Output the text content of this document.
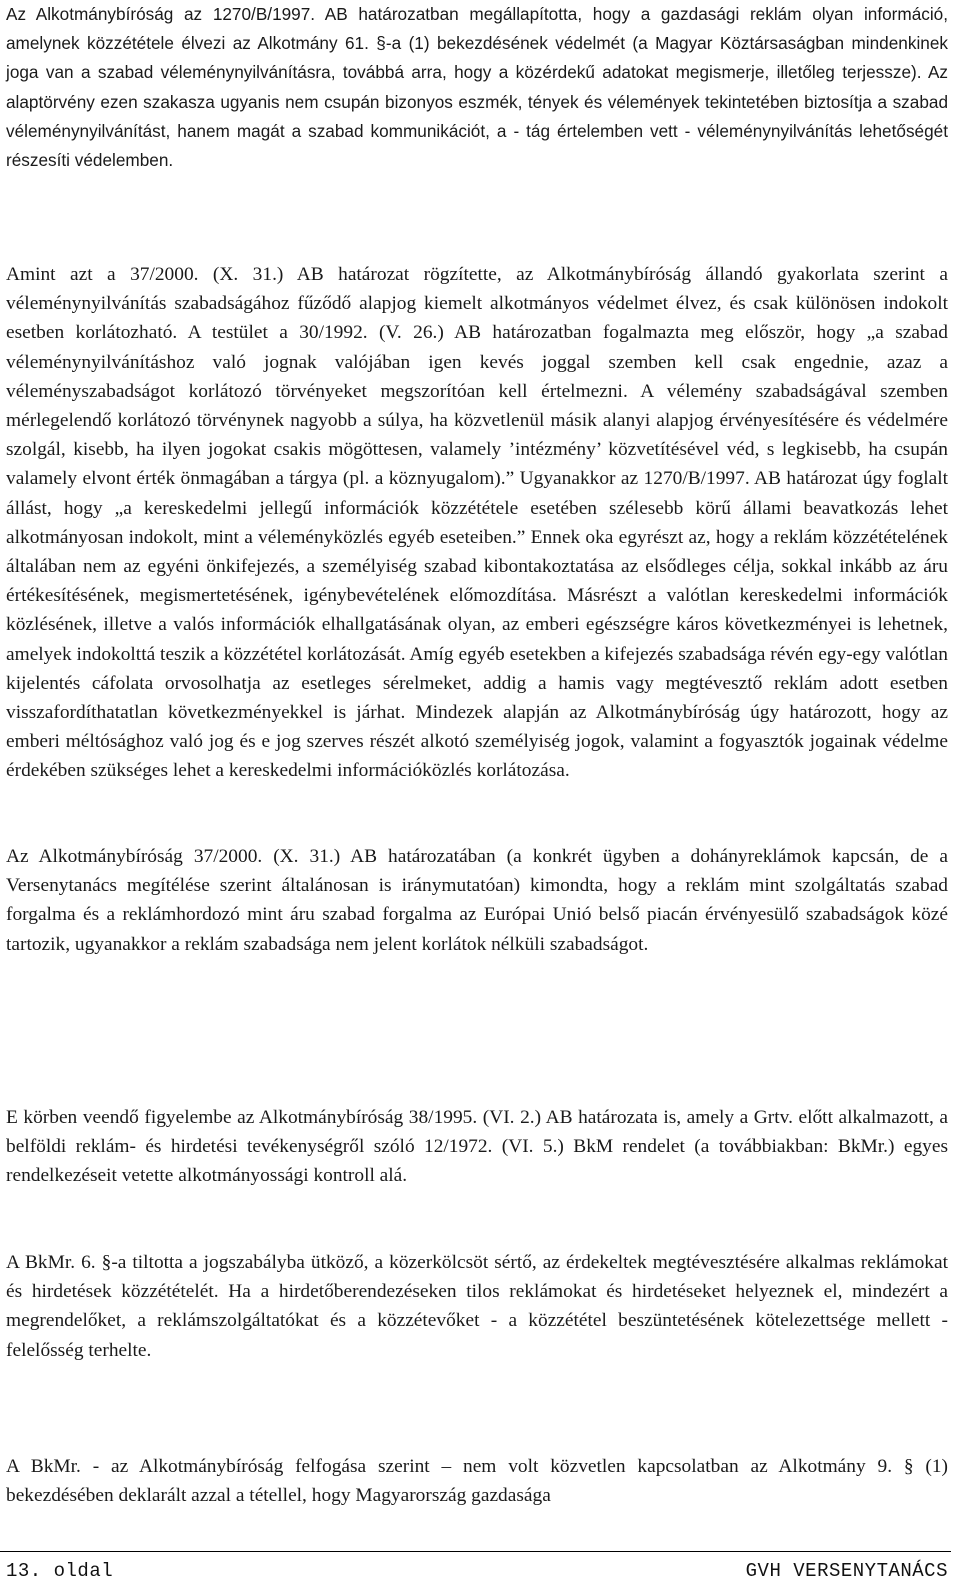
Az Alkotmánybíróság az 1270/B/1997. AB határozatban megállapította, hogy a gazdasági reklám olyan információ, amelynek közzététele élvezi az Alkotmány 61. §-a (1) bekezdésének védelmét (a Magyar Köztársaságban mindenkinek joga van a szabad véleménynyilvánításra, továbbá arra, hogy a közérdekű adatokat megismerje, illetőleg terjessze). Az alaptörvény ezen szakasza ugyanis nem csupán bizonyos eszmék, tények és vélemények tekintetében biztosítja a szabad véleménynyilvánítást, hanem magát a szabad kommunikációt, a - tág értelemben vett - véleménynyilvánítás lehetőségét részesíti védelemben.

Amint azt a 37/2000. (X. 31.) AB határozat rögzítette, az Alkotmánybíróság állandó gyakorlata szerint a véleménynyilvánítás szabadságához fűződő alapjog kiemelt alkotmányos védelmet élvez, és csak különösen indokolt esetben korlátozható. A testület a 30/1992. (V. 26.) AB határozatban fogalmazta meg először, hogy „a szabad véleménynyilvánításhoz való jognak valójában igen kevés joggal szemben kell csak engednie, azaz a véleményszabadságot korlátozó törvényeket megszorítóan kell értelmezni. A vélemény szabadságával szemben mérlegelendő korlátozó törvénynek nagyobb a súlya, ha közvetlenül másik alanyi alapjog érvényesítésére és védelmére szolgál, kisebb, ha ilyen jogokat csakis mögöttesen, valamely ’intézmény’ közvetítésével véd, s legkisebb, ha csupán valamely elvont érték önmagában a tárgya (pl. a köznyugalom).” Ugyanakkor az 1270/B/1997. AB határozat úgy foglalt állást, hogy „a kereskedelmi jellegű információk közzététele esetében szélesebb körű állami beavatkozás lehet alkotmányosan indokolt, mint a véleményközlés egyéb eseteiben.” Ennek oka egyrészt az, hogy a reklám közzétételének általában nem az egyéni önkifejezés, a személyiség szabad kibontakoztatása az elsődleges célja, sokkal inkább az áru értékesítésének, megismertetésének, igénybevételének előmozdítása. Másrészt a valótlan kereskedelmi információk közlésének, illetve a valós információk elhallgatásának olyan, az emberi egészségre káros következményei is lehetnek, amelyek indokolttá teszik a közzététel korlátozását. Amíg egyéb esetekben a kifejezés szabadsága révén egy-egy valótlan kijelentés cáfolata orvosolhatja az esetleges sérelmeket, addig a hamis vagy megtévesztő reklám adott esetben visszafordíthatatlan következményekkel is járhat. Mindezek alapján az Alkotmánybíróság úgy határozott, hogy az emberi méltósághoz való jog és e jog szerves részét alkotó személyiség jogok, valamint a fogyasztók jogainak védelme érdekében szükséges lehet a kereskedelmi információközlés korlátozása.

Az Alkotmánybíróság 37/2000. (X. 31.) AB határozatában (a konkrét ügyben a dohányreklámok kapcsán, de a Versenytanács megítélése szerint általánosan is iránymutatóan) kimondta, hogy a reklám mint szolgáltatás szabad forgalma és a reklámhordozó mint áru szabad forgalma az Európai Unió belső piacán érvényesülő szabadságok közé tartozik, ugyanakkor a reklám szabadsága nem jelent korlátok nélküli szabadságot.

E körben veendő figyelembe az Alkotmánybíróság 38/1995. (VI. 2.) AB határozata is, amely a Grtv. előtt alkalmazott, a belföldi reklám- és hirdetési tevékenységről szóló 12/1972. (VI. 5.) BkM rendelet (a továbbiakban: BkMr.) egyes rendelkezéseit vetette alkotmányossági kontroll alá.

A BkMr. 6. §-a tiltotta a jogszabályba ütköző, a közerkölcsöt sértő, az érdekeltek megtévesztésére alkalmas reklámokat és hirdetések közzétételét. Ha a hirdetőberendezéseken tilos reklámokat és hirdetéseket helyeznek el, mindezért a megrendelőket, a reklámszolgáltatókat és a közzétevőket - a közzététel beszüntetésének kötelezettsége mellett - felelősség terhelte.

A BkMr. - az Alkotmánybíróság felfogása szerint – nem volt közvetlen kapcsolatban az Alkotmány 9. § (1) bekezdésében deklarált azzal a tétellel, hogy Magyarország gazdasága

13. oldal	GVH VERSENYTANÁCS
